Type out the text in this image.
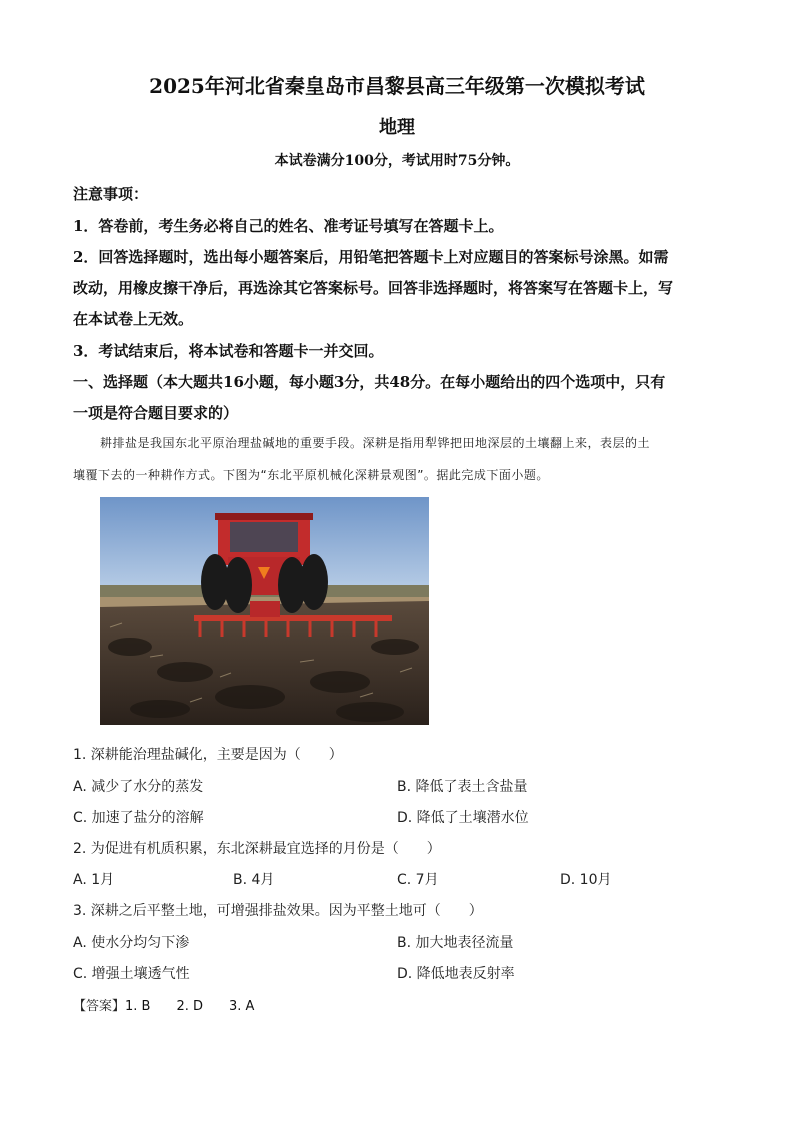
2025年河北省秦皇岛市昌黎县高三年级第一次模拟考试
地理
本试卷满分100分，考试用时75分钟。
注意事项：
1．答卷前，考生务必将自己的姓名、准考证号填写在答题卡上。
2．回答选择题时，选出每小题答案后，用铅笔把答题卡上对应题目的答案标号涂黑。如需
改动，用橡皮擦干净后，再选涂其它答案标号。回答非选择题时，将答案写在答题卡上，写
在本试卷上无效。
3．考试结束后，将本试卷和答题卡一并交回。
一、选择题（本大题共16小题，每小题3分，共48分。在每小题给出的四个选项中，只有
一项是符合题目要求的）
耕排盐是我国东北平原治理盐碱地的重要手段。深耕是指用犁铧把田地深层的土壤翻上来，表层的土
壤覆下去的一种耕作方式。下图为“东北平原机械化深耕景观图”。据此完成下面小题。
1. 深耕能治理盐碱化，主要是因为（　　）
A. 减少了水分的蒸发	B. 降低了表土含盐量
C. 加速了盐分的溶解	D. 降低了土壤潜水位
2. 为促进有机质积累，东北深耕最宜选择的月份是（　　）
A. 1月	B. 4月	C. 7月	D. 10月
3. 深耕之后平整土地，可增强排盐效果。因为平整土地可（　　）
A. 使水分均匀下渗	B. 加大地表径流量
C. 增强土壤透气性	D. 降低地表反射率
【答案】1. B　　2. D　　3. A
